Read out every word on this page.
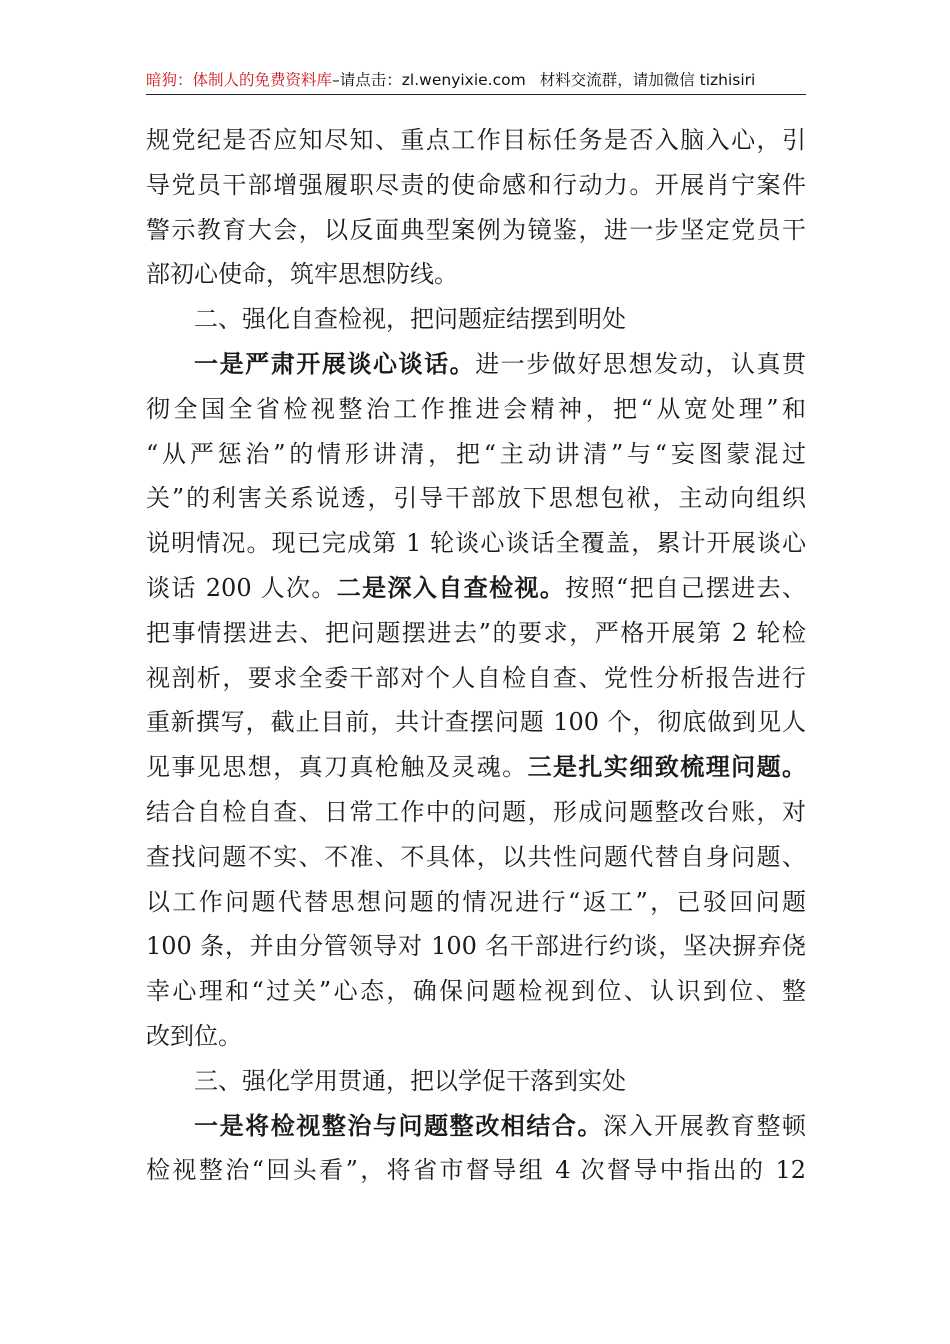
暗狗：体制人的免费资料库–请点击：zl.wenyixie.com 材料交流群，请加微信 tizhisiri
规党纪是否应知尽知、重点工作目标任务是否入脑入心，引
导党员干部增强履职尽责的使命感和行动力。开展肖宁案件
警示教育大会，以反面典型案例为镜鉴，进一步坚定党员干
部初心使命，筑牢思想防线。
二、强化自查检视，把问题症结摆到明处
一是严肃开展谈心谈话。进一步做好思想发动，认真贯
彻全国全省检视整治工作推进会精神，把“从宽处理”和
“从严惩治”的情形讲清，把“主动讲清”与“妄图蒙混过
关”的利害关系说透，引导干部放下思想包袱，主动向组织
说明情况。现已完成第 1 轮谈心谈话全覆盖，累计开展谈心
谈话 200 人次。二是深入自查检视。按照“把自己摆进去、
把事情摆进去、把问题摆进去”的要求，严格开展第 2 轮检
视剖析，要求全委干部对个人自检自查、党性分析报告进行
重新撰写，截止目前，共计查摆问题 100 个，彻底做到见人
见事见思想，真刀真枪触及灵魂。三是扎实细致梳理问题。
结合自检自查、日常工作中的问题，形成问题整改台账，对
查找问题不实、不准、不具体，以共性问题代替自身问题、
以工作问题代替思想问题的情况进行“返工”，已驳回问题
100 条，并由分管领导对 100 名干部进行约谈，坚决摒弃侥
幸心理和“过关”心态，确保问题检视到位、认识到位、整
改到位。
三、强化学用贯通，把以学促干落到实处
一是将检视整治与问题整改相结合。深入开展教育整顿
检视整治“回头看”，将省市督导组 4 次督导中指出的 12
